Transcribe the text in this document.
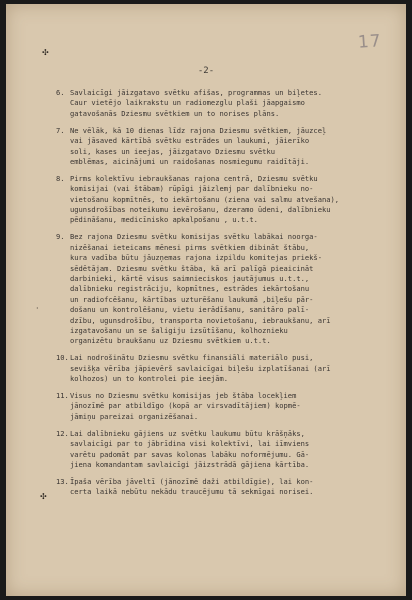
17
-2-
✣
·
✣
6. Savlaicīgi jāizgatavo svētku afišas, programmas un biļetes.
Caur vietējo laikrakstu un radiomezglu plaši jāapgaismo
gatavošanās Dziesmu svētkiem un to norises plāns.
7. Ne vēlāk, kā 10 dienas līdz rajona Dziesmu svētkiem, jāuzceļ
vai jāsaved kārtībā svētku estrādes un laukumi, jāierīko
soli, kases un ieejas, jāizgatavo Dziesmu svētku
emblēmas, aicinājumi un raidošanas nosmiegumu raidītāji.
8. Pirms kolektīvu iebraukšanas rajona centrā, Dziesmu svētku
komisijai (vai štābam) rūpīgi jāizlemj par dalībnieku no-
vietošanu kopmītnēs, to iekārtošanu (ziena vai salmu atvešana),
ugunsdrošības noteikumu ievērošanu, dzeramo ūdeni, dalībnieku
pēdināšanu, medicīnisko apkalpošanu , u.t.t.
9. Bez rajona Dziesmu svētku komisijas svētku labākai noorga-
nizēšanai ieteicams mēnesi pirms svētkiem dibināt štābu,
kura vadība būtu jāuzņemas rajona izpildu komitejas priekš-
sēdētājam. Dziesmu svētku štāba, kā arī palīgā pieaicināt
darbinieki, kārtē visus saimnieciskos jautājumus u.t.t.,
dalībnieku registrāciju, kopmītnes, estrādes iekārtošanu
un radiofcēšanu, kārtības uzturēšanu laukumā ,biļešu pār-
došanu un kontrolēšanu, vietu ierādīšanu, sanitāro palī-
dzību, ugunsdrošību, transporta novietošanu, iebraukšanu, arī
izgatavošanu un se šaligiju izsūtīšanu, kolhoznieku
organizētu braukšanu uz Dziesmu svētkiem u.t.t.
10. Lai nodrošinātu Dziesmu svētku finansiāli materiālo pusi,
sevišķa vērība jāpievērš savlaicīgai biļešu izplatīšanai (arī
kolhozos) un to kontrolei pie ieejām.
11. Visus no Dziesmu svētku komisijas jeb štāba locekļiem
jānozīmē par atbildīgo (kopā ar virsvadītājiem) kopmē-
jāmiņu pareizai organizēšanai.
12. Lai dalībnieku gājiens uz svētku laukumu būtu krāšņāks,
savlaicīgi par to jābrīdina visi kolektīvi, lai iīmviens
varētu padomāt par savas kolonas labāku noformējumu. Gā-
jiena komandantam savlaicīgi jāizstrādā gājiena kārtība.
13. Īpaša vērība jāveltī (jānozīmē daži atbildīgie), lai kon-
certa laikā nebūtu nekādu traucējumu tā sekmīgai norisei.
